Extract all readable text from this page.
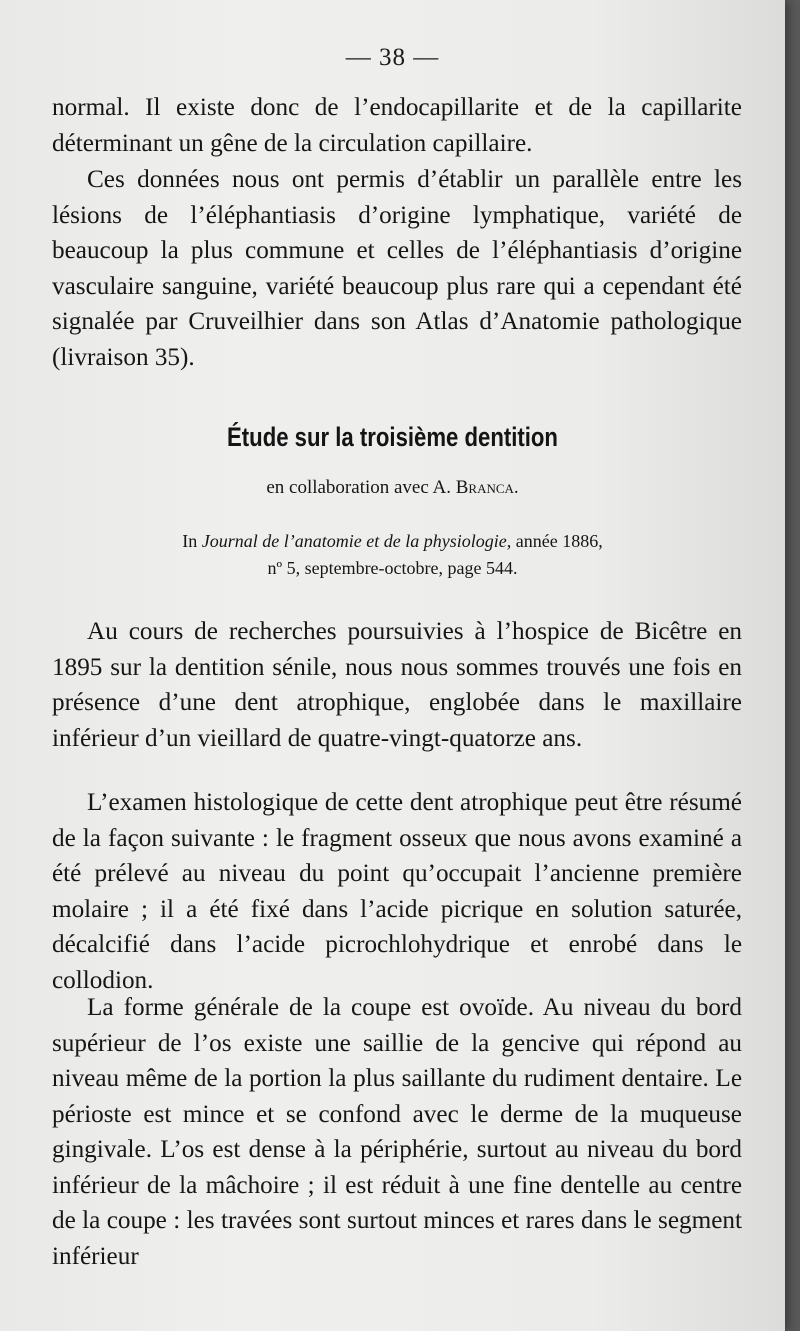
— 38 —

normal. Il existe donc de l’endocapillarite et de la capillarite déterminant un gêne de la circulation capillaire.

Ces données nous ont permis d’établir un parallèle entre les lésions de l’éléphantiasis d’origine lymphatique, variété de beaucoup la plus commune et celles de l’éléphantiasis d’origine vasculaire sanguine, variété beaucoup plus rare qui a cependant été signalée par Cruveilhier dans son Atlas d’Anatomie pathologique (livraison 35).

Étude sur la troisième dentition
en collaboration avec A. Branca.
In Journal de l’anatomie et de la physiologie, année 1886,
nº 5, septembre-octobre, page 544.

Au cours de recherches poursuivies à l’hospice de Bicêtre en 1895 sur la dentition sénile, nous nous sommes trouvés une fois en présence d’une dent atrophique, englobée dans le maxillaire inférieur d’un vieillard de quatre-vingt-quatorze ans.

L’examen histologique de cette dent atrophique peut être résumé de la façon suivante : le fragment osseux que nous avons examiné a été prélevé au niveau du point qu’occupait l’ancienne première molaire ; il a été fixé dans l’acide picrique en solution saturée, décalcifié dans l’acide picrochlohydrique et enrobé dans le collodion.

La forme générale de la coupe est ovoïde. Au niveau du bord supérieur de l’os existe une saillie de la gencive qui répond au niveau même de la portion la plus saillante du rudiment dentaire. Le périoste est mince et se confond avec le derme de la muqueuse gingivale. L’os est dense à la périphérie, surtout au niveau du bord inférieur de la mâchoire ; il est réduit à une fine dentelle au centre de la coupe : les travées sont surtout minces et rares dans le segment inférieur
